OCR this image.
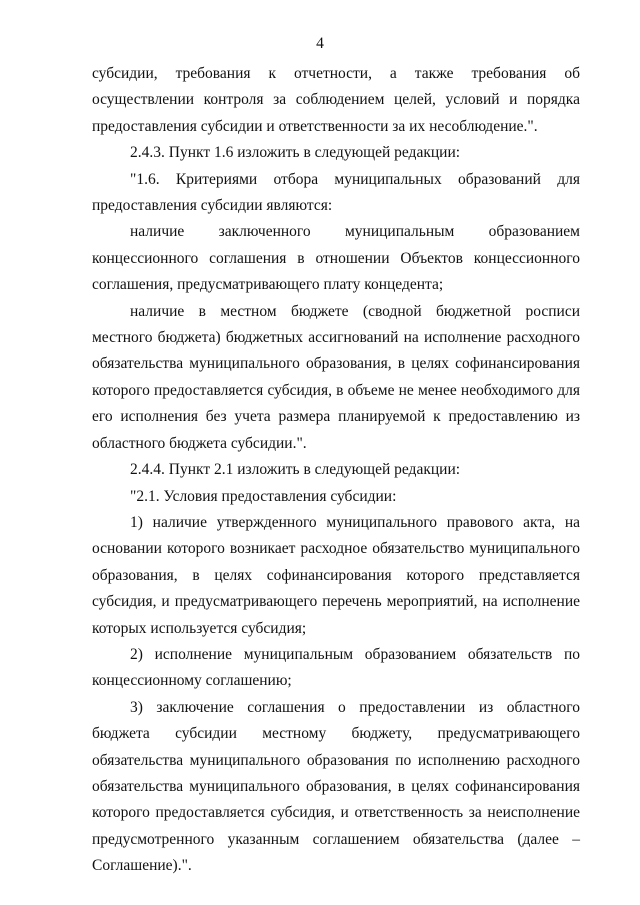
4

субсидии, требования к отчетности, а также требования об осуществлении контроля за соблюдением целей, условий и порядка предоставления субсидии и ответственности за их несоблюдение.".

2.4.3. Пункт 1.6 изложить в следующей редакции:

"1.6. Критериями отбора муниципальных образований для предоставления субсидии являются:

наличие заключенного муниципальным образованием концессионного соглашения в отношении Объектов концессионного соглашения, предусматривающего плату концедента;

наличие в местном бюджете (сводной бюджетной росписи местного бюджета) бюджетных ассигнований на исполнение расходного обязательства муниципального образования, в целях софинансирования которого предоставляется субсидия, в объеме не менее необходимого для его исполнения без учета размера планируемой к предоставлению из областного бюджета субсидии.".

2.4.4. Пункт 2.1 изложить в следующей редакции:

"2.1. Условия предоставления субсидии:

1) наличие утвержденного муниципального правового акта, на основании которого возникает расходное обязательство муниципального образования, в целях софинансирования которого представляется субсидия, и предусматривающего перечень мероприятий, на исполнение которых используется субсидия;

2) исполнение муниципальным образованием обязательств по концессионному соглашению;

3) заключение соглашения о предоставлении из областного бюджета субсидии местному бюджету, предусматривающего обязательства муниципального образования по исполнению расходного обязательства муниципального образования, в целях софинансирования которого предоставляется субсидия, и ответственность за неисполнение предусмотренного указанным соглашением обязательства (далее – Соглашение).".
